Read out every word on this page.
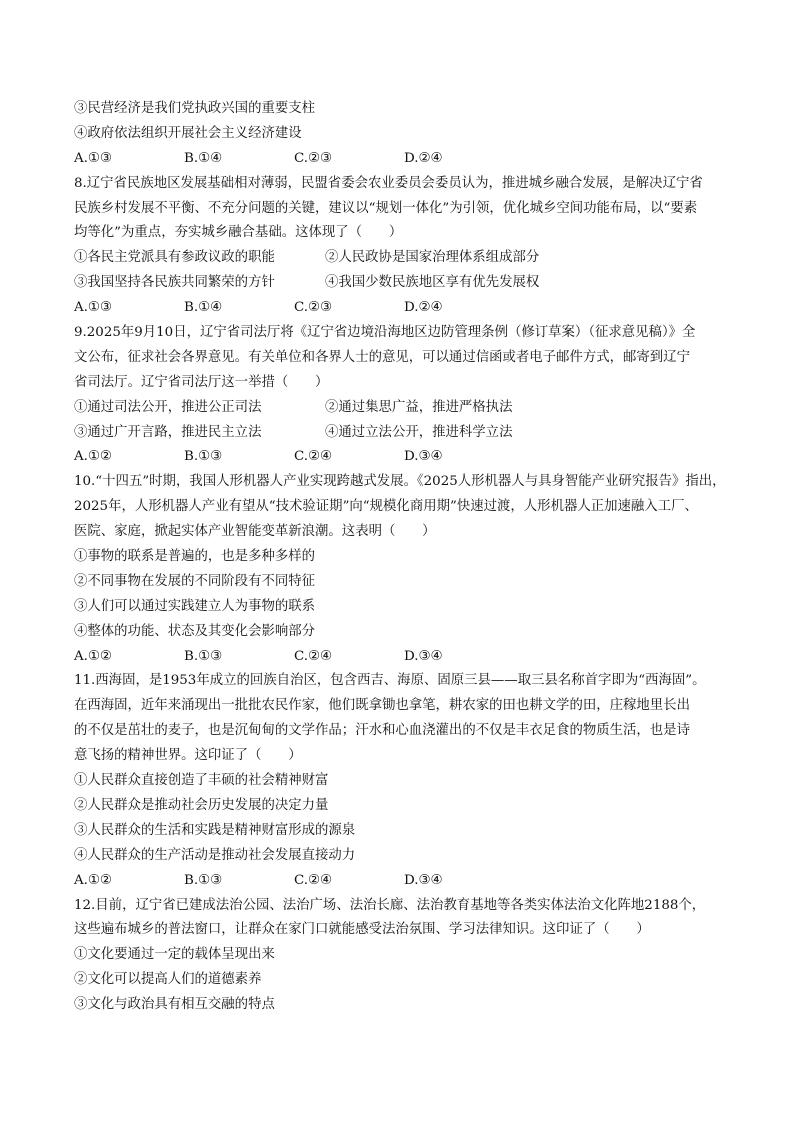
③民营经济是我们党执政兴国的重要支柱
④政府依法组织开展社会主义经济建设
A.①③	B.①④	C.②③	D.②④
8.辽宁省民族地区发展基础相对薄弱，民盟省委会农业委员会委员认为，推进城乡融合发展，是解决辽宁省
民族乡村发展不平衡、不充分问题的关键，建议以“规划一体化”为引领，优化城乡空间功能布局，以“要素
均等化”为重点，夯实城乡融合基础。这体现了（　　）
①各民主党派具有参政议政的职能	②人民政协是国家治理体系组成部分
③我国坚持各民族共同繁荣的方针	④我国少数民族地区享有优先发展权
A.①③	B.①④	C.②③	D.②④
9.2025年9月10日，辽宁省司法厅将《辽宁省边境沿海地区边防管理条例（修订草案）（征求意见稿）》全
文公布，征求社会各界意见。有关单位和各界人士的意见，可以通过信函或者电子邮件方式，邮寄到辽宁
省司法厅。辽宁省司法厅这一举措（　　）
①通过司法公开，推进公正司法	②通过集思广益，推进严格执法
③通过广开言路，推进民主立法	④通过立法公开，推进科学立法
A.①②	B.①③	C.②④	D.③④
10.“十四五”时期，我国人形机器人产业实现跨越式发展。《2025人形机器人与具身智能产业研究报告》指出，
2025年，人形机器人产业有望从“技术验证期”向“规模化商用期”快速过渡，人形机器人正加速融入工厂、
医院、家庭，掀起实体产业智能变革新浪潮。这表明（　　）
①事物的联系是普遍的，也是多种多样的
②不同事物在发展的不同阶段有不同特征
③人们可以通过实践建立人为事物的联系
④整体的功能、状态及其变化会影响部分
A.①②	B.①③	C.②④	D.③④
11.西海固，是1953年成立的回族自治区，包含西吉、海原、固原三县——取三县名称首字即为“西海固”。
在西海固，近年来涌现出一批批农民作家，他们既拿锄也拿笔，耕农家的田也耕文学的田，庄稼地里长出
的不仅是茁壮的麦子，也是沉甸甸的文学作品；汗水和心血浇灌出的不仅是丰衣足食的物质生活，也是诗
意飞扬的精神世界。这印证了（　　）
①人民群众直接创造了丰硕的社会精神财富
②人民群众是推动社会历史发展的决定力量
③人民群众的生活和实践是精神财富形成的源泉
④人民群众的生产活动是推动社会发展直接动力
A.①②	B.①③	C.②④	D.③④
12.目前，辽宁省已建成法治公园、法治广场、法治长廊、法治教育基地等各类实体法治文化阵地2188个，
这些遍布城乡的普法窗口，让群众在家门口就能感受法治氛围、学习法律知识。这印证了（　　）
①文化要通过一定的载体呈现出来
②文化可以提高人们的道德素养
③文化与政治具有相互交融的特点
